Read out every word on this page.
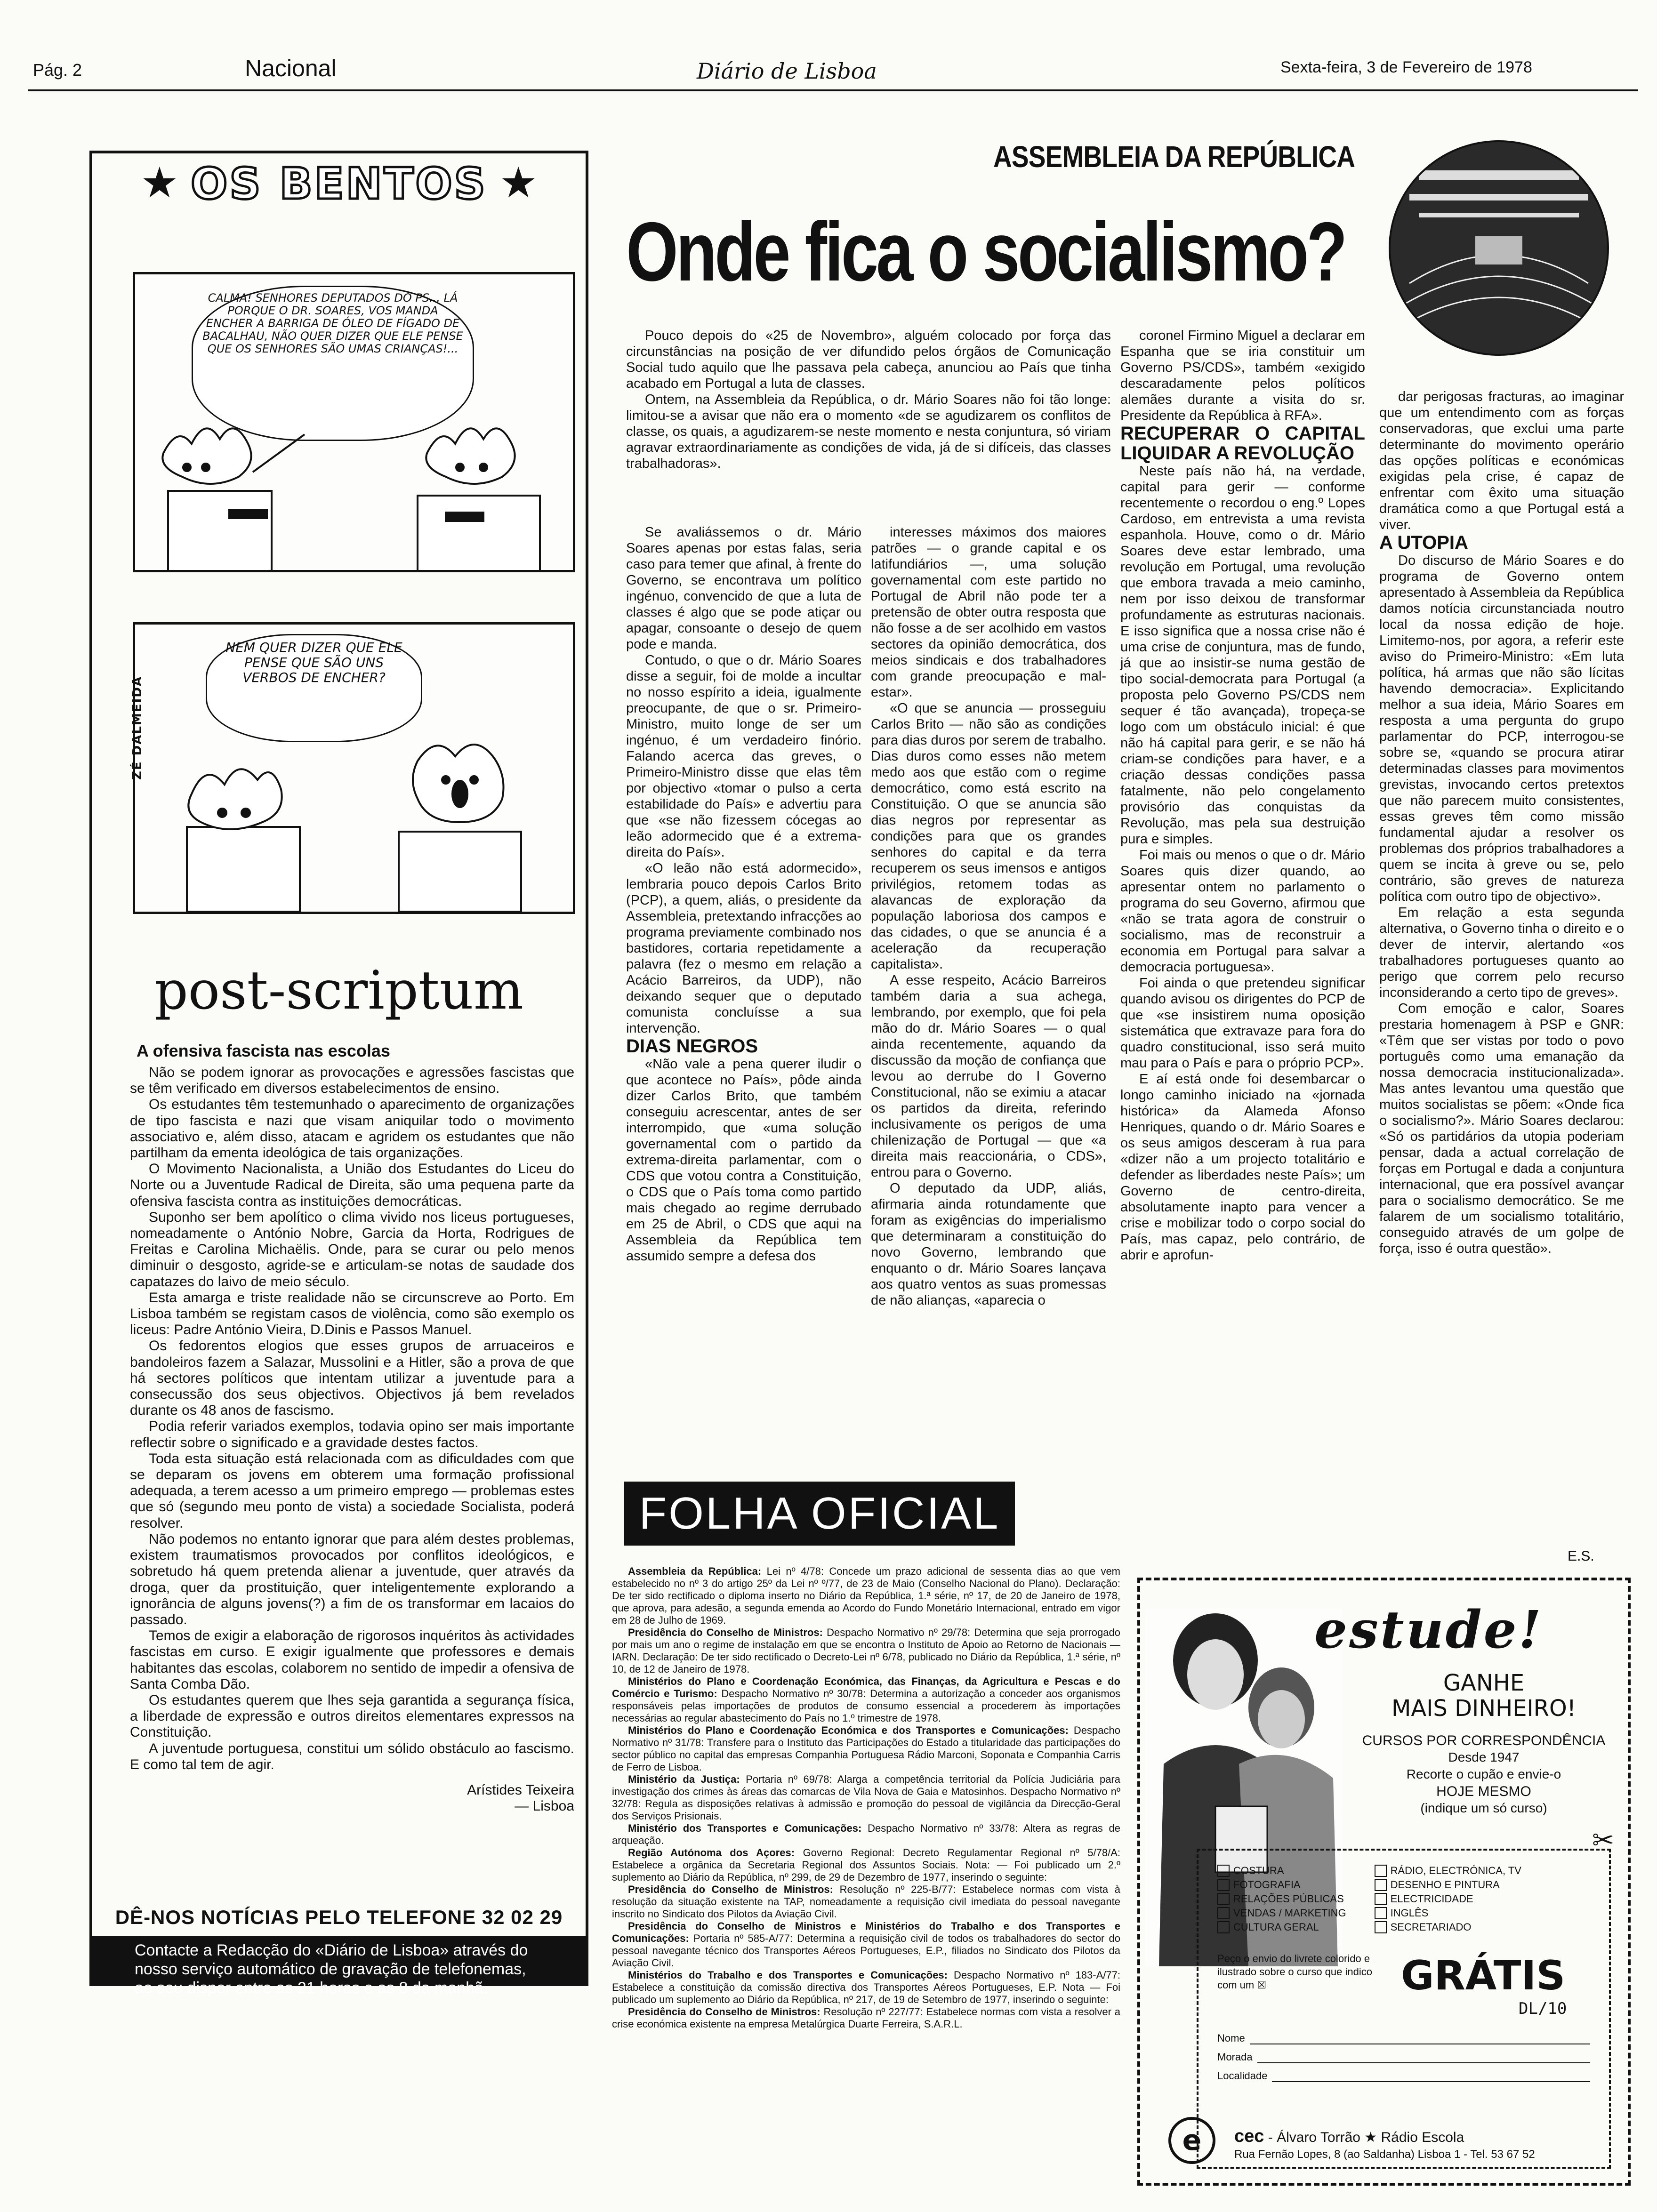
Pág. 2	Nacional	Diário de Lisboa	Sexta-feira, 3 de Fevereiro de 1978
★ OS BENTOS ★
CALMA! SENHORES DEPUTADOS DO PS... LÁ PORQUE O DR. SOARES, VOS MANDA ENCHER A BARRIGA DE ÓLEO DE FÍGADO DE BACALHAU, NÃO QUER DIZER QUE ELE PENSE QUE OS SENHORES SÃO UMAS CRIANÇAS!...
NEM QUER DIZER QUE ELE PENSE QUE SÃO UNS VERBOS DE ENCHER?
ZÉ DALMEIDA
post-scriptum
A ofensiva fascista nas escolas

Não se podem ignorar as provocações e agressões fascistas que se têm verificado em diversos estabelecimentos de ensino.

Os estudantes têm testemunhado o aparecimento de organizações de tipo fascista e nazi que visam aniquilar todo o movimento associativo e, além disso, atacam e agridem os estudantes que não partilham da ementa ideológica de tais organizações.

O Movimento Nacionalista, a União dos Estudantes do Liceu do Norte ou a Juventude Radical de Direita, são uma pequena parte da ofensiva fascista contra as instituições democráticas.

Suponho ser bem apolítico o clima vivido nos liceus portugueses, nomeadamente o António Nobre, Garcia da Horta, Rodrigues de Freitas e Carolina Michaëlis. Onde, para se curar ou pelo menos diminuir o desgosto, agride-se e articulam-se notas de saudade dos capatazes do laivo de meio século.

Esta amarga e triste realidade não se circunscreve ao Porto. Em Lisboa também se registam casos de violência, como são exemplo os liceus: Padre António Vieira, D.Dinis e Passos Manuel.

Os fedorentos elogios que esses grupos de arruaceiros e bandoleiros fazem a Salazar, Mussolini e a Hitler, são a prova de que há sectores políticos que intentam utilizar a juventude para a consecussão dos seus objectivos. Objectivos já bem revelados durante os 48 anos de fascismo.

Podia referir variados exemplos, todavia opino ser mais importante reflectir sobre o significado e a gravidade destes factos.

Toda esta situação está relacionada com as dificuldades com que se deparam os jovens em obterem uma formação profissional adequada, a terem acesso a um primeiro emprego — problemas estes que só (segundo meu ponto de vista) a sociedade Socialista, poderá resolver.

Não podemos no entanto ignorar que para além destes problemas, existem traumatismos provocados por conflitos ideológicos, e sobretudo há quem pretenda alienar a juventude, quer através da droga, quer da prostituição, quer inteligentemente explorando a ignorância de alguns jovens(?) a fim de os transformar em lacaios do passado.

Temos de exigir a elaboração de rigorosos inquéritos às actividades fascistas em curso. E exigir igualmente que professores e demais habitantes das escolas, colaborem no sentido de impedir a ofensiva de Santa Comba Dão.

Os estudantes querem que lhes seja garantida a segurança física, a liberdade de expressão e outros direitos elementares expressos na Constituição.

A juventude portuguesa, constitui um sólido obstáculo ao fascismo. E como tal tem de agir.

Arístides Teixeira
— Lisboa
DÊ-NOS NOTÍCIAS PELO TELEFONE 32 02 29
Contacte a Redacção do «Diário de Lisboa» através do nosso serviço automático de gravação de telefonemas, ao seu dispor entre as 21 horas e as 8 da manhã.
ASSEMBLEIA DA REPÚBLICA
Onde fica o socialismo?

Pouco depois do «25 de Novembro», alguém colocado por força das circunstâncias na posição de ver difundido pelos órgãos de Comunicação Social tudo aquilo que lhe passava pela cabeça, anunciou ao País que tinha acabado em Portugal a luta de classes.

Ontem, na Assembleia da República, o dr. Mário Soares não foi tão longe: limitou-se a avisar que não era o momento «de se agudizarem os conflitos de classe, os quais, a agudizarem-se neste momento e nesta conjuntura, só viriam agravar extraordinariamente as condições de vida, já de si difíceis, das classes trabalhadoras».

Se avaliássemos o dr. Mário Soares apenas por estas falas, seria caso para temer que afinal, à frente do Governo, se encontrava um político ingénuo, convencido de que a luta de classes é algo que se pode atiçar ou apagar, consoante o desejo de quem pode e manda.

Contudo, o que o dr. Mário Soares disse a seguir, foi de molde a incultar no nosso espírito a ideia, igualmente preocupante, de que o sr. Primeiro-Ministro, muito longe de ser um ingénuo, é um verdadeiro finório. Falando acerca das greves, o Primeiro-Ministro disse que elas têm por objectivo «tomar o pulso a certa estabilidade do País» e advertiu para que «se não fizessem cócegas ao leão adormecido que é a extrema-direita do País».

«O leão não está adormecido», lembraria pouco depois Carlos Brito (PCP), a quem, aliás, o presidente da Assembleia, pretextando infracções ao programa previamente combinado nos bastidores, cortaria repetidamente a palavra (fez o mesmo em relação a Acácio Barreiros, da UDP), não deixando sequer que o deputado comunista concluísse a sua intervenção.

DIAS NEGROS

«Não vale a pena querer iludir o que acontece no País», pôde ainda dizer Carlos Brito, que também conseguiu acrescentar, antes de ser interrompido, que «uma solução governamental com o partido da extrema-direita parlamentar, com o CDS que votou contra a Constituição, o CDS que o País toma como partido mais chegado ao regime derrubado em 25 de Abril, o CDS que aqui na Assembleia da República tem assumido sempre a defesa dos

interesses máximos dos maiores patrões — o grande capital e os latifundiários —, uma solução governamental com este partido no Portugal de Abril não pode ter a pretensão de obter outra resposta que não fosse a de ser acolhido em vastos sectores da opinião democrática, dos meios sindicais e dos trabalhadores com grande preocupação e mal-estar».

«O que se anuncia — prosseguiu Carlos Brito — não são as condições para dias duros por serem de trabalho. Dias duros como esses não metem medo aos que estão com o regime democrático, como está escrito na Constituição. O que se anuncia são dias negros por representar as condições para que os grandes senhores do capital e da terra recuperem os seus imensos e antigos privilégios, retomem todas as alavancas de exploração da população laboriosa dos campos e das cidades, o que se anuncia é a aceleração da recuperação capitalista».

A esse respeito, Acácio Barreiros também daria a sua achega, lembrando, por exemplo, que foi pela mão do dr. Mário Soares — o qual ainda recentemente, aquando da discussão da moção de confiança que levou ao derrube do I Governo Constitucional, não se eximiu a atacar os partidos da direita, referindo inclusivamente os perigos de uma chilenização de Portugal — que «a direita mais reaccionária, o CDS», entrou para o Governo.

O deputado da UDP, aliás, afirmaria ainda rotundamente que foram as exigências do imperialismo que determinaram a constituição do novo Governo, lembrando que enquanto o dr. Mário Soares lançava aos quatro ventos as suas promessas de não alianças, «aparecia o

coronel Firmino Miguel a declarar em Espanha que se iria constituir um Governo PS/CDS», também «exigido descaradamente pelos políticos alemães durante a visita do sr. Presidente da República à RFA».

RECUPERAR O CAPITAL LIQUIDAR A REVOLUÇÃO

Neste país não há, na verdade, capital para gerir — conforme recentemente o recordou o eng.º Lopes Cardoso, em entrevista a uma revista espanhola. Houve, como o dr. Mário Soares deve estar lembrado, uma revolução em Portugal, uma revolução que embora travada a meio caminho, nem por isso deixou de transformar profundamente as estruturas nacionais. E isso significa que a nossa crise não é uma crise de conjuntura, mas de fundo, já que ao insistir-se numa gestão de tipo social-democrata para Portugal (a proposta pelo Governo PS/CDS nem sequer é tão avançada), tropeça-se logo com um obstáculo inicial: é que não há capital para gerir, e se não há criam-se condições para haver, e a criação dessas condições passa fatalmente, não pelo congelamento provisório das conquistas da Revolução, mas pela sua destruição pura e simples.

Foi mais ou menos o que o dr. Mário Soares quis dizer quando, ao apresentar ontem no parlamento o programa do seu Governo, afirmou que «não se trata agora de construir o socialismo, mas de reconstruir a economia em Portugal para salvar a democracia portuguesa».

Foi ainda o que pretendeu significar quando avisou os dirigentes do PCP de que «se insistirem numa oposição sistemática que extravaze para fora do quadro constitucional, isso será muito mau para o País e para o próprio PCP».

E aí está onde foi desembarcar o longo caminho iniciado na «jornada histórica» da Alameda Afonso Henriques, quando o dr. Mário Soares e os seus amigos desceram à rua para «dizer não a um projecto totalitário e defender as liberdades neste País»; um Governo de centro-direita, absolutamente inapto para vencer a crise e mobilizar todo o corpo social do País, mas capaz, pelo contrário, de abrir e aprofun-

dar perigosas fracturas, ao imaginar que um entendimento com as forças conservadoras, que exclui uma parte determinante do movimento operário das opções políticas e económicas exigidas pela crise, é capaz de enfrentar com êxito uma situação dramática como a que Portugal está a viver.

A UTOPIA

Do discurso de Mário Soares e do programa de Governo ontem apresentado à Assembleia da República damos notícia circunstanciada noutro local da nossa edição de hoje. Limitemo-nos, por agora, a referir este aviso do Primeiro-Ministro: «Em luta política, há armas que não são lícitas havendo democracia». Explicitando melhor a sua ideia, Mário Soares em resposta a uma pergunta do grupo parlamentar do PCP, interrogou-se sobre se, «quando se procura atirar determinadas classes para movimentos grevistas, invocando certos pretextos que não parecem muito consistentes, essas greves têm como missão fundamental ajudar a resolver os problemas dos próprios trabalhadores a quem se incita à greve ou se, pelo contrário, são greves de natureza política com outro tipo de objectivo».

Em relação a esta segunda alternativa, o Governo tinha o direito e o dever de intervir, alertando «os trabalhadores portugueses quanto ao perigo que correm pelo recurso inconsiderando a certo tipo de greves».

Com emoção e calor, Soares prestaria homenagem à PSP e GNR: «Têm que ser vistas por todo o povo português como uma emanação da nossa democracia institucionalizada». Mas antes levantou uma questão que muitos socialistas se põem: «Onde fica o socialismo?». Mário Soares declarou: «Só os partidários da utopia poderiam pensar, dada a actual correlação de forças em Portugal e dada a conjuntura internacional, que era possível avançar para o socialismo democrático. Se me falarem de um socialismo totalitário, conseguido através de um golpe de força, isso é outra questão».

E.S.
FOLHA OFICIAL

Assembleia da República: Lei nº 4/78: Concede um prazo adicional de sessenta dias ao que vem estabelecido no nº 3 do artigo 25º da Lei nº º/77, de 23 de Maio (Conselho Nacional do Plano). Declaração: De ter sido rectificado o diploma inserto no Diário da República, 1.ª série, nº 17, de 20 de Janeiro de 1978, que aprova, para adesão, a segunda emenda ao Acordo do Fundo Monetário Internacional, entrado em vigor em 28 de Julho de 1969.

Presidência do Conselho de Ministros: Despacho Normativo nº 29/78: Determina que seja prorrogado por mais um ano o regime de instalação em que se encontra o Instituto de Apoio ao Retorno de Nacionais — IARN. Declaração: De ter sido rectificado o Decreto-Lei nº 6/78, publicado no Diário da República, 1.ª série, nº 10, de 12 de Janeiro de 1978.

Ministérios do Plano e Coordenação Económica, das Finanças, da Agricultura e Pescas e do Comércio e Turismo: Despacho Normativo nº 30/78: Determina a autorização a conceder aos organismos responsáveis pelas importações de produtos de consumo essencial a procederem às importações necessárias ao regular abastecimento do País no 1.º trimestre de 1978.

Ministérios do Plano e Coordenação Económica e dos Transportes e Comunicações: Despacho Normativo nº 31/78: Transfere para o Instituto das Participações do Estado a titularidade das participações do sector público no capital das empresas Companhia Portuguesa Rádio Marconi, Soponata e Companhia Carris de Ferro de Lisboa.

Ministério da Justiça: Portaria nº 69/78: Alarga a competência territorial da Polícia Judiciária para investigação dos crimes às áreas das comarcas de Vila Nova de Gaia e Matosinhos. Despacho Normativo nº 32/78: Regula as disposições relativas à admissão e promoção do pessoal de vigilância da Direcção-Geral dos Serviços Prisionais.

Ministério dos Transportes e Comunicações: Despacho Normativo nº 33/78: Altera as regras de arqueação.

Região Autónoma dos Açores: Governo Regional: Decreto Regulamentar Regional nº 5/78/A: Estabelece a orgânica da Secretaria Regional dos Assuntos Sociais. Nota: — Foi publicado um 2.º suplemento ao Diário da República, nº 299, de 29 de Dezembro de 1977, inserindo o seguinte:

Presidência do Conselho de Ministros: Resolução nº 225-B/77: Estabelece normas com vista à resolução da situação existente na TAP, nomeadamente a requisição civil imediata do pessoal navegante inscrito no Sindicato dos Pilotos da Aviação Civil.

Presidência do Conselho de Ministros e Ministérios do Trabalho e dos Transportes e Comunicações: Portaria nº 585-A/77: Determina a requisição civil de todos os trabalhadores do sector do pessoal navegante técnico dos Transportes Aéreos Portugueses, E.P., filiados no Sindicato dos Pilotos da Aviação Civil.

Ministérios do Trabalho e dos Transportes e Comunicações: Despacho Normativo nº 183-A/77: Estabelece a constituição da comissão directiva dos Transportes Aéreos Portugueses, E.P. Nota — Foi publicado um suplemento ao Diário da República, nº 217, de 19 de Setembro de 1977, inserindo o seguinte:

Presidência do Conselho de Ministros: Resolução nº 227/77: Estabelece normas com vista a resolver a crise económica existente na empresa Metalúrgica Duarte Ferreira, S.A.R.L.

estude!
GANHE
MAIS DINHEIRO!
CURSOS POR CORRESPONDÊNCIA
Desde 1947
Recorte o cupão e envie-o
HOJE MESMO
(indique um só curso)
✂
COSTURA
FOTOGRAFIA
RELAÇÕES PÚBLICAS
VENDAS / MARKETING
CULTURA GERAL
RÁDIO, ELECTRÓNICA, TV
DESENHO E PINTURA
ELECTRICIDADE
INGLÊS
SECRETARIADO
Peço o envio do livrete colorido e ilustrado sobre o curso que indico com um ☒	GRÁTIS
DL/10
Nome
Morada
Localidade
e	cec - Álvaro Torrão ★ Rádio Escola
Rua Fernão Lopes, 8 (ao Saldanha) Lisboa 1 - Tel. 53 67 52
